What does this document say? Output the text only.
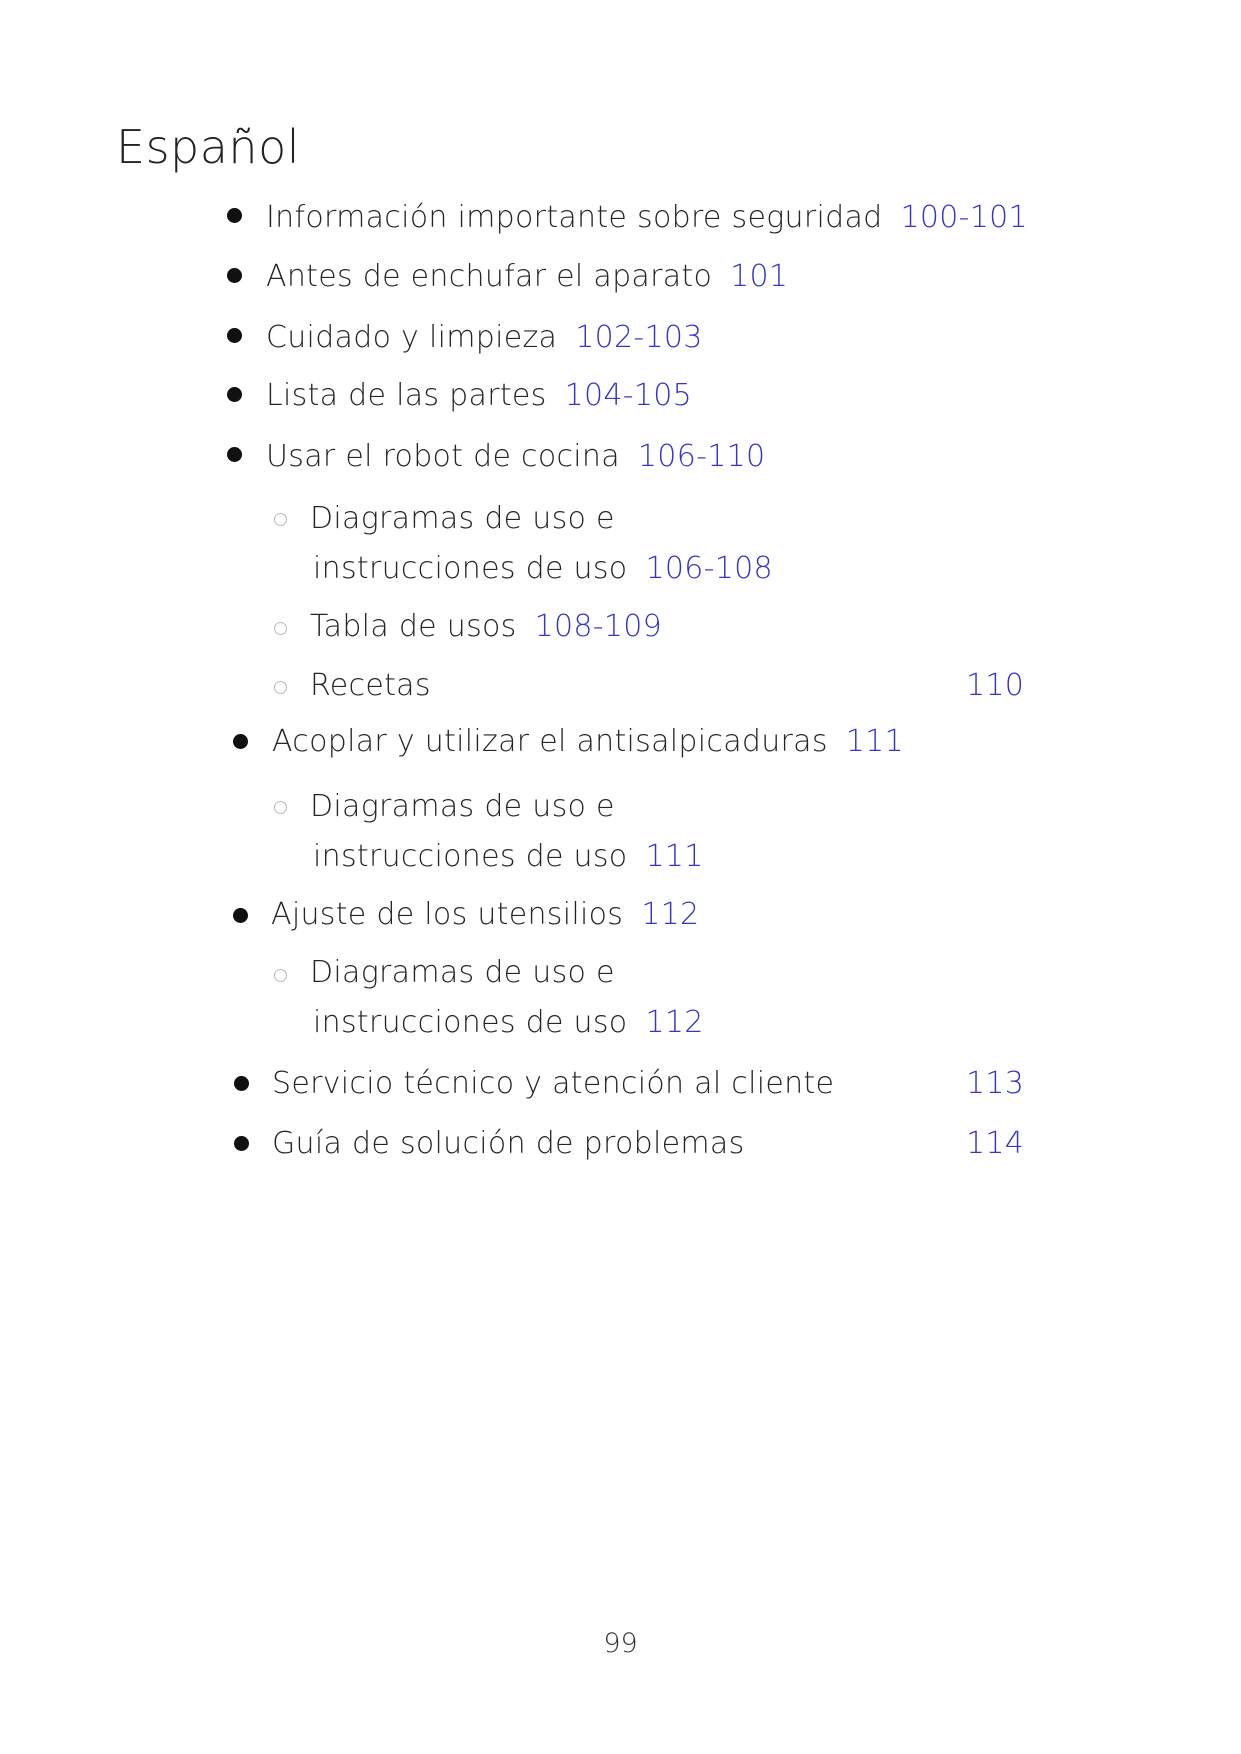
Español
Información importante sobre seguridad 100-101
Antes de enchufar el aparato 101
Cuidado y limpieza 102-103
Lista de las partes 104-105
Usar el robot de cocina 106-110
Diagramas de uso e
instrucciones de uso 106-108
Tabla de usos 108-109
Recetas	110
Acoplar y utilizar el antisalpicaduras 111
Diagramas de uso e
instrucciones de uso 111
Ajuste de los utensilios 112
Diagramas de uso e
instrucciones de uso 112
Servicio técnico y atención al cliente	113
Guía de solución de problemas	114
99
